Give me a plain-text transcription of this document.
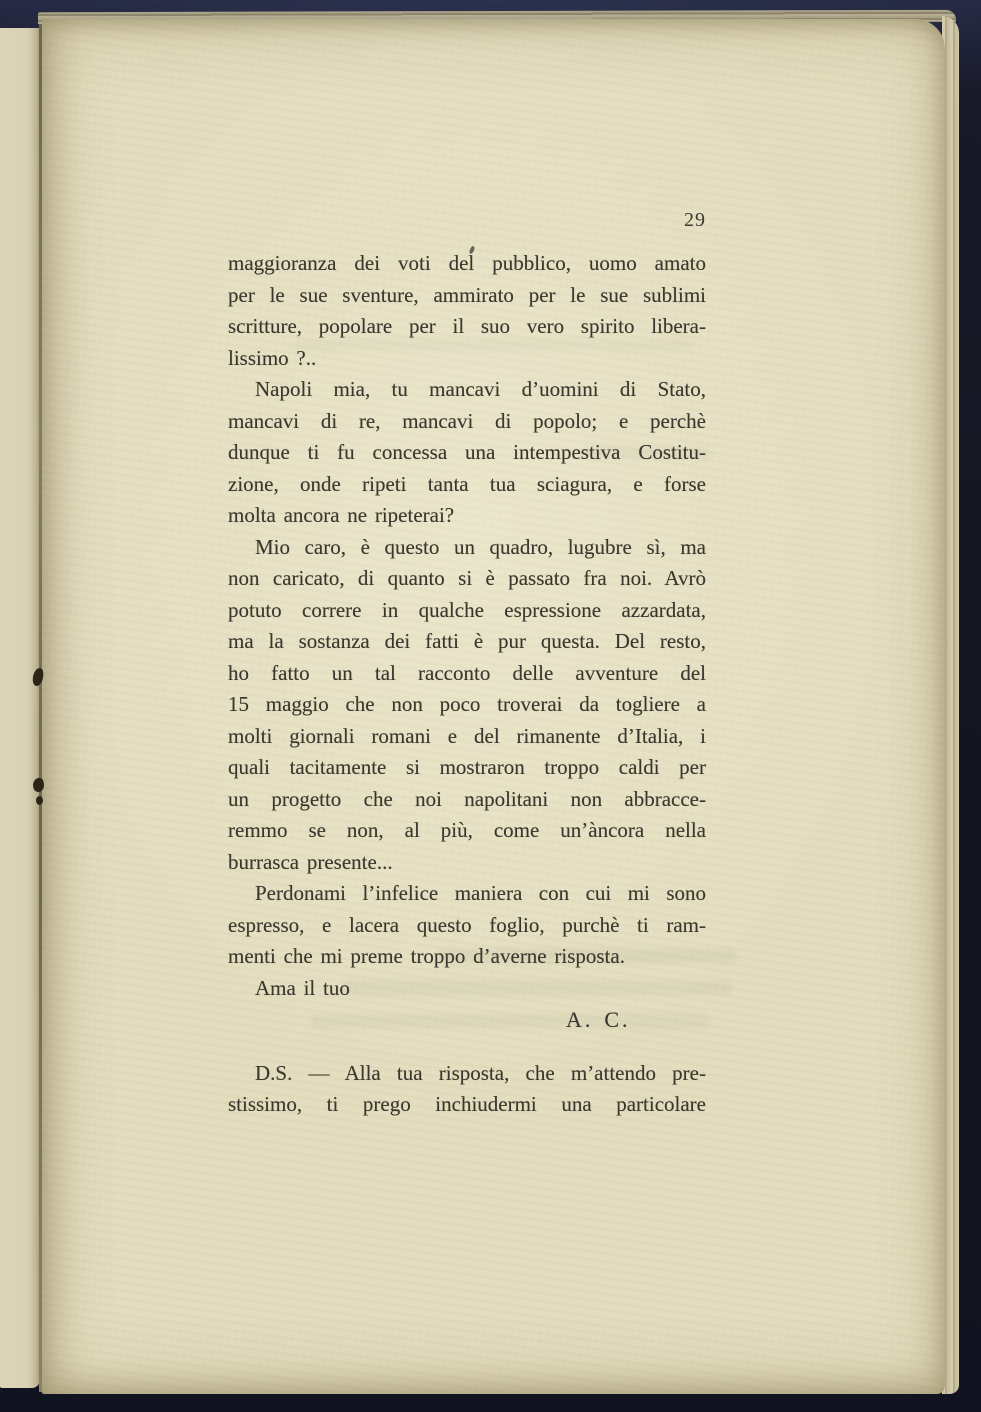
29
maggioranza dei voti del pubblico, uomo amato
per le sue sventure, ammirato per le sue sublimi
scritture, popolare per il suo vero spirito libera-
lissimo ?..
Napoli mia, tu mancavi d’uomini di Stato,
mancavi di re, mancavi di popolo; e perchè
dunque ti fu concessa una intempestiva Costitu-
zione, onde ripeti tanta tua sciagura, e forse
molta ancora ne ripeterai?
Mio caro, è questo un quadro, lugubre sì, ma
non caricato, di quanto si è passato fra noi. Avrò
potuto correre in qualche espressione azzardata,
ma la sostanza dei fatti è pur questa. Del resto,
ho fatto un tal racconto delle avventure del
15 maggio che non poco troverai da togliere a
molti giornali romani e del rimanente d’Italia, i
quali tacitamente si mostraron troppo caldi per
un progetto che noi napolitani non abbracce-
remmo se non, al più, come un’àncora nella
burrasca presente...
Perdonami l’infelice maniera con cui mi sono
espresso, e lacera questo foglio, purchè ti ram-
menti che mi preme troppo d’averne risposta.
Ama il tuo
A. C.
D.S. — Alla tua risposta, che m’attendo pre-
stissimo, ti prego inchiudermi una particolare
